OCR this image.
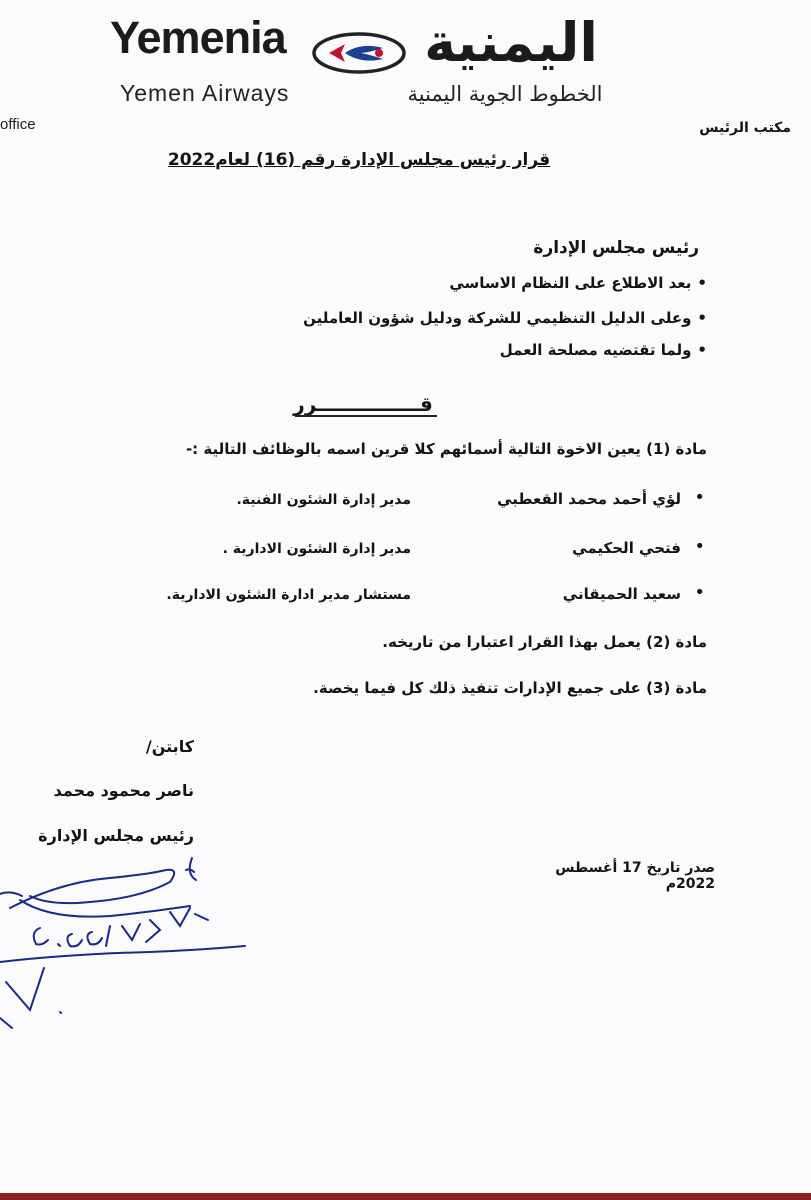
Yemenia
Yemen Airways
اليمنية
الخطوط الجوية اليمنية
office	مكتب الرئيس
قرار رئيس مجلس الإدارة رقم (16) لعام2022
رئيس مجلس الإدارة
•بعد الاطلاع على النظام الاساسي
•وعلى الدليل التنظيمي للشركة ودليل شؤون العاملين
•ولما تقتضيه مصلحة العمل
قـــــــــــــــرر
مادة (1) يعين الاخوة التالية أسمائهم كلا قرين اسمه بالوظائف التالية :-
•
لؤي أحمد محمد القعطبي
مدير إدارة الشئون الفنية.
•
فتحي الحكيمي
مدير إدارة الشئون الادارية .
•
سعيد الحميقاني
مستشار مدير ادارة الشئون الادارية.
مادة (2) يعمل بهذا القرار اعتبارا من تاريخه.
مادة (3) على جميع الإدارات تنفيذ ذلك كل فيما يخصة.
كابتن/
ناصر محمود محمد
رئيس مجلس الإدارة
صدر تاريخ 17 أغسطس 2022م
